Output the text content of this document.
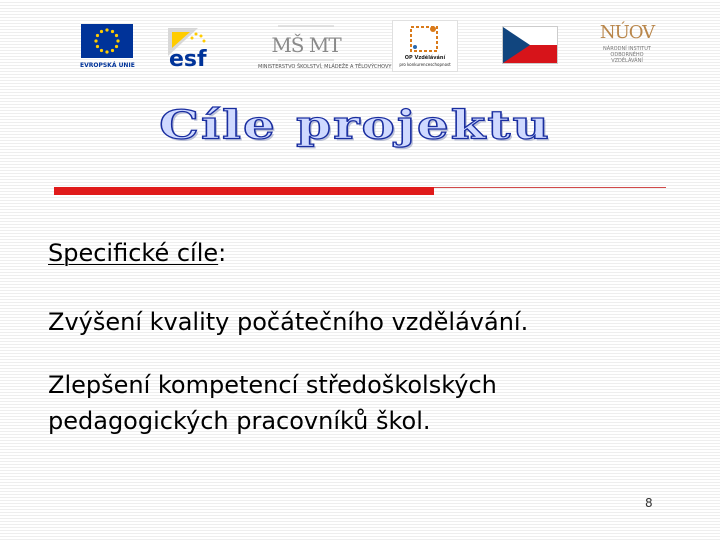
EVROPSKÁ UNIE esf
MŠ MT
MINISTERSTVO ŠKOLSTVÍ, MLÁDEŽE A TĚLOVÝCHOVY
OP Vzdělávání
pro konkurenceschopnost
NÚOV
NÁRODNÍ INSTITUT ODBORNÉHO VZDĚLÁVÁNÍ
Cíle projektu
Specifické cíle:
Zvýšení kvality počátečního vzdělávání.
Zlepšení kompetencí středoškolských
pedagogických pracovníků škol.
8
